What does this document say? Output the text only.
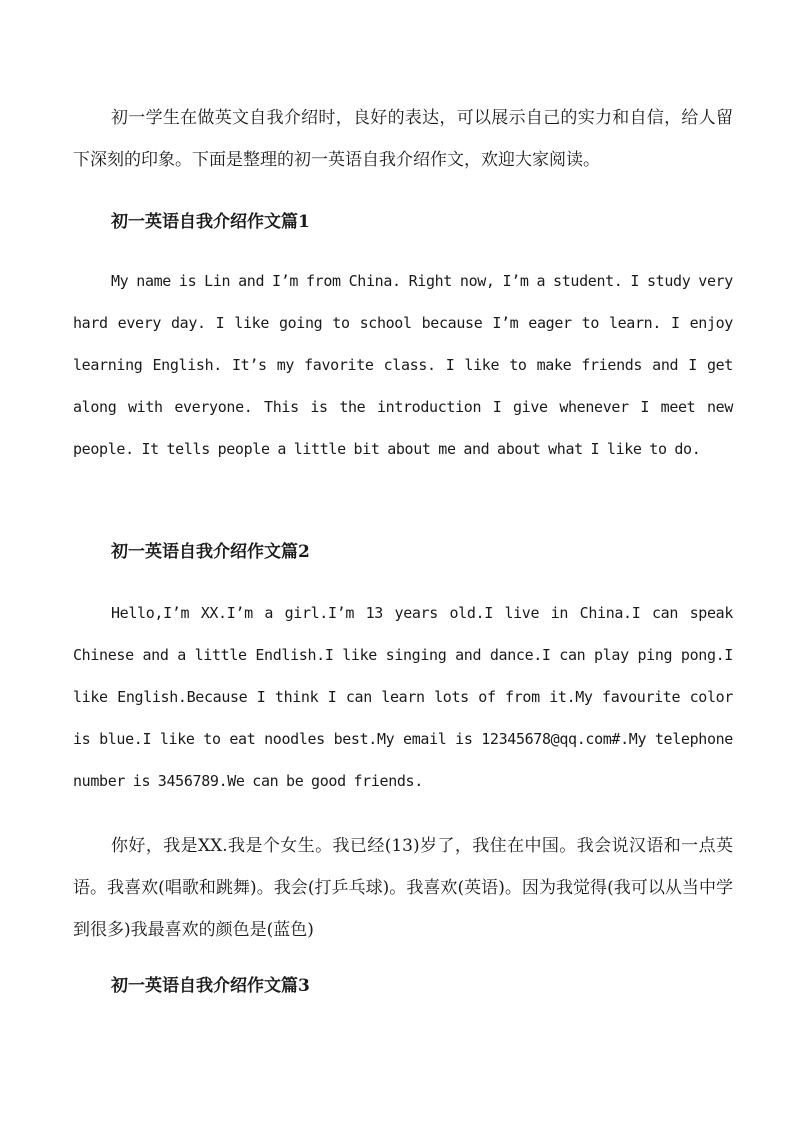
初一学生在做英文自我介绍时，良好的表达，可以展示自己的实力和自信，给人留下深刻的印象。下面是整理的初一英语自我介绍作文，欢迎大家阅读。

初一英语自我介绍作文篇1

My name is Lin and I’m from China. Right now, I’m a student. I study very hard every day. I like going to school because I’m eager to learn. I enjoy learning English. It’s my favorite class. I like to make friends and I get along with everyone. This is the introduction I give whenever I meet new people. It tells people a little bit about me and about what I like to do.

初一英语自我介绍作文篇2

Hello,I’m XX.I’m a girl.I’m 13 years old.I live in China.I can speak Chinese and a little Endlish.I like singing and dance.I can play ping pong.I like English.Because I think I can learn lots of from it.My favourite color is blue.I like to eat noodles best.My email is 12345678@qq.com#.My telephone number is 3456789.We can be good friends.

你好，我是XX.我是个女生。我已经(13)岁了，我住在中国。我会说汉语和一点英语。我喜欢(唱歌和跳舞)。我会(打乒乓球)。我喜欢(英语)。因为我觉得(我可以从当中学到很多)我最喜欢的颜色是(蓝色)

初一英语自我介绍作文篇3
